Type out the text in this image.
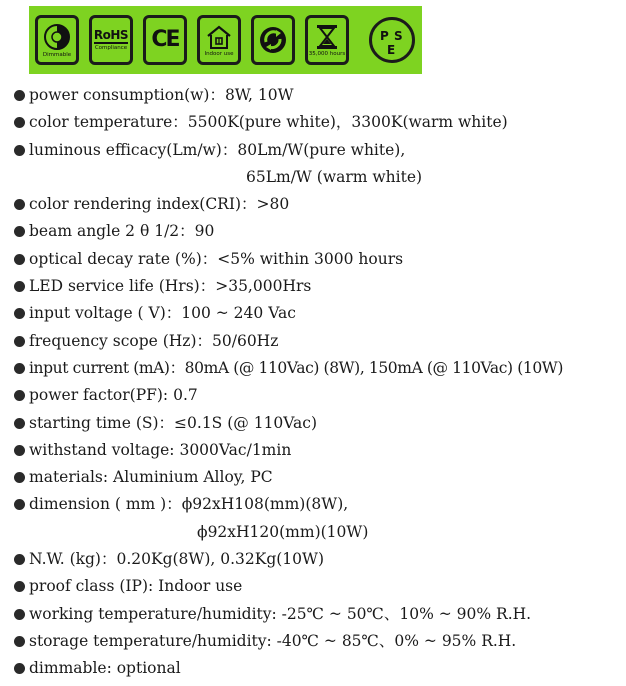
Dimmable
RoHS
Compliance CE
Indoor use	35,000 hours
P S
E
power consumption(w)：8W, 10W
color temperature：5500K(pure white)，3300K(warm white)
luminous efficacy(Lm/w)：80Lm/W(pure white),
65Lm/W (warm white)
color rendering index(CRI)：>80
beam angle 2 θ 1/2：90
optical decay rate (%)：<5% within 3000 hours
LED service life (Hrs)：>35,000Hrs
input voltage ( V)：100 ~ 240 Vac
frequency scope (Hz)：50/60Hz
input current (mA)：80mA (@ 110Vac) (8W), 150mA (@ 110Vac) (10W)
power factor(PF): 0.7
starting time (S)：≤0.1S (@ 110Vac)
withstand voltage: 3000Vac/1min
materials: Aluminium Alloy, PC
dimension ( mm )：ϕ92xH108(mm)(8W),
ϕ92xH120(mm)(10W)
N.W. (kg)：0.20Kg(8W), 0.32Kg(10W)
proof class (IP): Indoor use
working temperature/humidity: -25℃ ~ 50℃、10% ~ 90% R.H.
storage temperature/humidity: -40℃ ~ 85℃、0% ~ 95% R.H.
dimmable: optional
